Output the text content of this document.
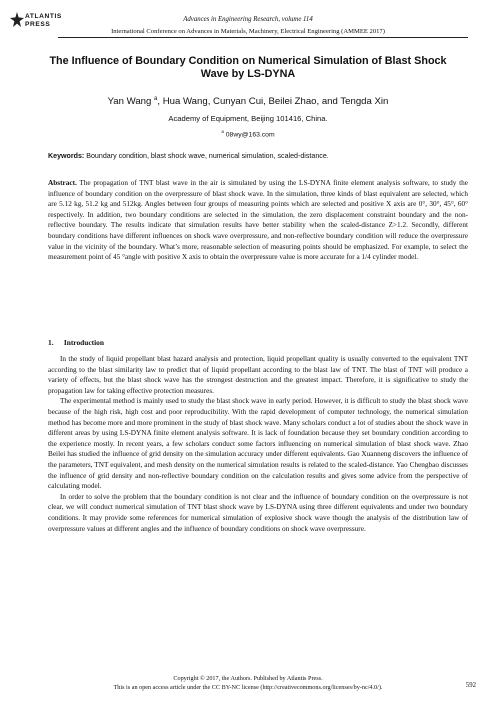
ATLANTIS
PRESS
Advances in Engineering Research, volume 114
International Conference on Advances in Materials, Machinery, Electrical Engineering (AMMEE 2017)
The Influence of Boundary Condition on Numerical Simulation of Blast Shock Wave by LS-DYNA
Yan Wang $^a$, Hua Wang, Cunyan Cui, Beilei Zhao, and Tengda Xin
Academy of Equipment, Beijing 101416, China.
$^a$ 08wy@163.com
Keywords: Boundary condition, blast shock wave, numerical simulation, scaled-distance.
Abstract. The propagation of TNT blast wave in the air is simulated by using the LS-DYNA finite element analysis software, to study the influence of boundary condition on the overpressure of blast shock wave. In the simulation, three kinds of blast equivalent are selected, which are 5.12 kg, 51.2 kg and 512kg. Angles between four groups of measuring points which are selected and positive X axis are 0°, 30°, 45°, 60° respectively. In addition, two boundary conditions are selected in the simulation, the zero displacement constraint boundary and the non-reflective boundary. The results indicate that simulation results have better stability when the scaled-distance Z>1.2. Secondly, different boundary conditions have different influences on shock wave overpressure, and non-reflective boundary condition will reduce the overpressure value in the vicinity of the boundary. What’s more, reasonable selection of measuring points should be emphasized. For example, to select the measurement point of 45 °angle with positive X axis to obtain the overpressure value is more accurate for a 1/4 cylinder model.
1. Introduction

In the study of liquid propellant blast hazard analysis and protection, liquid propellant quality is usually converted to the equivalent TNT according to the blast similarity law to predict that of liquid propellant according to the blast law of TNT. The blast of TNT will produce a variety of effects, but the blast shock wave has the strongest destruction and the greatest impact. Therefore, it is significative to study the propagation law for taking effective protection measures.

The experimental method is mainly used to study the blast shock wave in early period. However, it is difficult to study the blast shock wave because of the high risk, high cost and poor reproducibility. With the rapid development of computer technology, the numerical simulation method has become more and more prominent in the study of blast shock wave. Many scholars conduct a lot of studies about the shock wave in different areas by using LS-DYNA finite element analysis software. It is lack of foundation because they set boundary condition according to the experience mostly. In recent years, a few scholars conduct some factors influencing on numerical simulation of blast shock wave. Zhao Beilei has studied the influence of grid density on the simulation accuracy under different equivalents. Gao Xuanneng discovers the influence of the parameters, TNT equivalent, and mesh density on the numerical simulation results is related to the scaled-distance. Yao Chengbao discusses the influence of grid density and non-reflective boundary condition on the calculation results and gives some advice from the perspective of calculating model.

In order to solve the problem that the boundary condition is not clear and the influence of boundary condition on the overpressure is not clear, we will conduct numerical simulation of TNT blast shock wave by LS-DYNA using three different equivalents and under two boundary conditions. It may provide some references for numerical simulation of explosive shock wave though the analysis of the distribution law of overpressure values at different angles and the influence of boundary conditions on shock wave overpressure.

Copyright © 2017, the Authors. Published by Atlantis Press.
This is an open access article under the CC BY-NC license (http://creativecommons.org/licenses/by-nc/4.0/).	592
